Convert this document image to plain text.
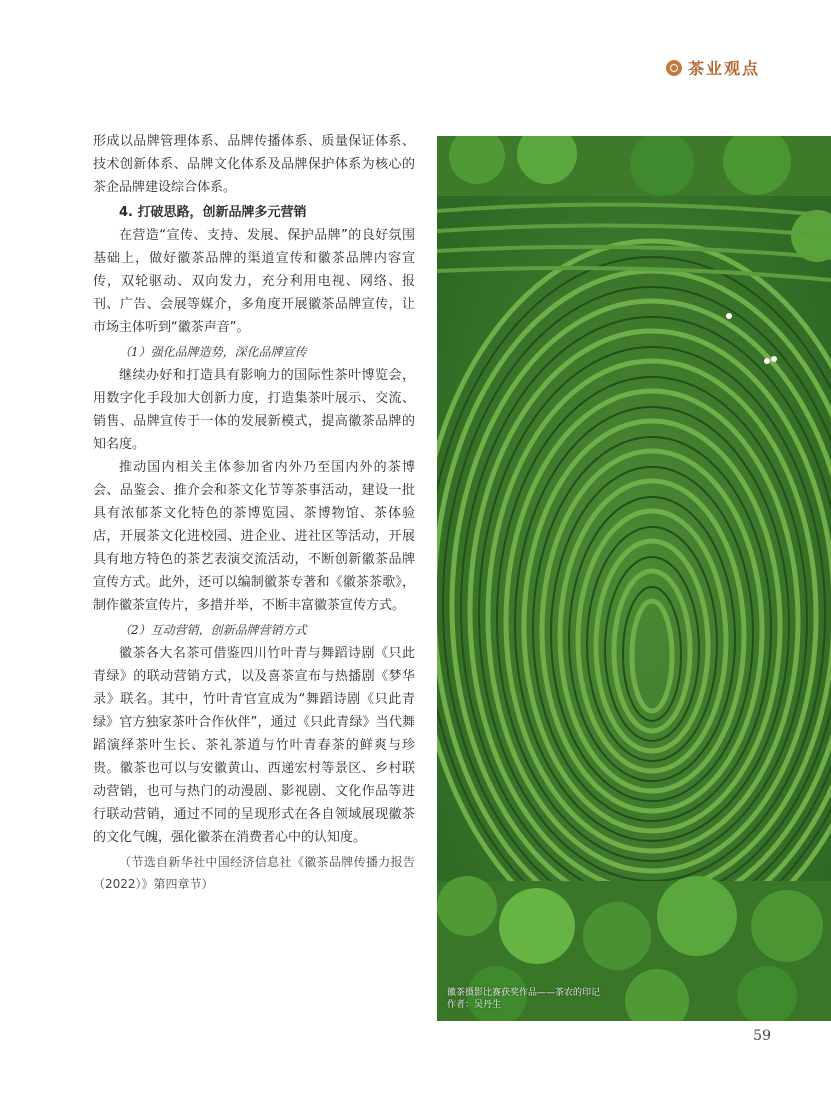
茶业观点

形成以品牌管理体系、品牌传播体系、质量保证体系、技术创新体系、品牌文化体系及品牌保护体系为核心的茶企品牌建设综合体系。

4. 打破思路，创新品牌多元营销

在营造“宣传、支持、发展、保护品牌”的良好氛围基础上，做好徽茶品牌的渠道宣传和徽茶品牌内容宣传，双轮驱动、双向发力，充分利用电视、网络、报刊、广告、会展等媒介，多角度开展徽茶品牌宣传，让市场主体听到“徽茶声音”。

（1）强化品牌造势，深化品牌宣传

继续办好和打造具有影响力的国际性茶叶博览会，用数字化手段加大创新力度，打造集茶叶展示、交流、销售、品牌宣传于一体的发展新模式，提高徽茶品牌的知名度。

推动国内相关主体参加省内外乃至国内外的茶博会、品鉴会、推介会和茶文化节等茶事活动，建设一批具有浓郁茶文化特色的茶博览园、茶博物馆、茶体验店，开展茶文化进校园、进企业、进社区等活动，开展具有地方特色的茶艺表演交流活动，不断创新徽茶品牌宣传方式。此外，还可以编制徽茶专著和《徽茶茶歌》，制作徽茶宣传片，多措并举，不断丰富徽茶宣传方式。

（2）互动营销，创新品牌营销方式

徽茶各大名茶可借鉴四川竹叶青与舞蹈诗剧《只此青绿》的联动营销方式，以及喜茶宣布与热播剧《梦华录》联名。其中，竹叶青官宣成为“舞蹈诗剧《只此青绿》官方独家茶叶合作伙伴”，通过《只此青绿》当代舞蹈演绎茶叶生长、茶礼茶道与竹叶青春茶的鲜爽与珍贵。徽茶也可以与安徽黄山、西递宏村等景区、乡村联动营销，也可与热门的动漫剧、影视剧、文化作品等进行联动营销，通过不同的呈现形式在各自领域展现徽茶的文化气魄，强化徽茶在消费者心中的认知度。

（节选自新华社中国经济信息社《徽茶品牌传播力报告（2022）》第四章节）

徽茶摄影比赛获奖作品——茶农的印记
作者：吴丹生
59
